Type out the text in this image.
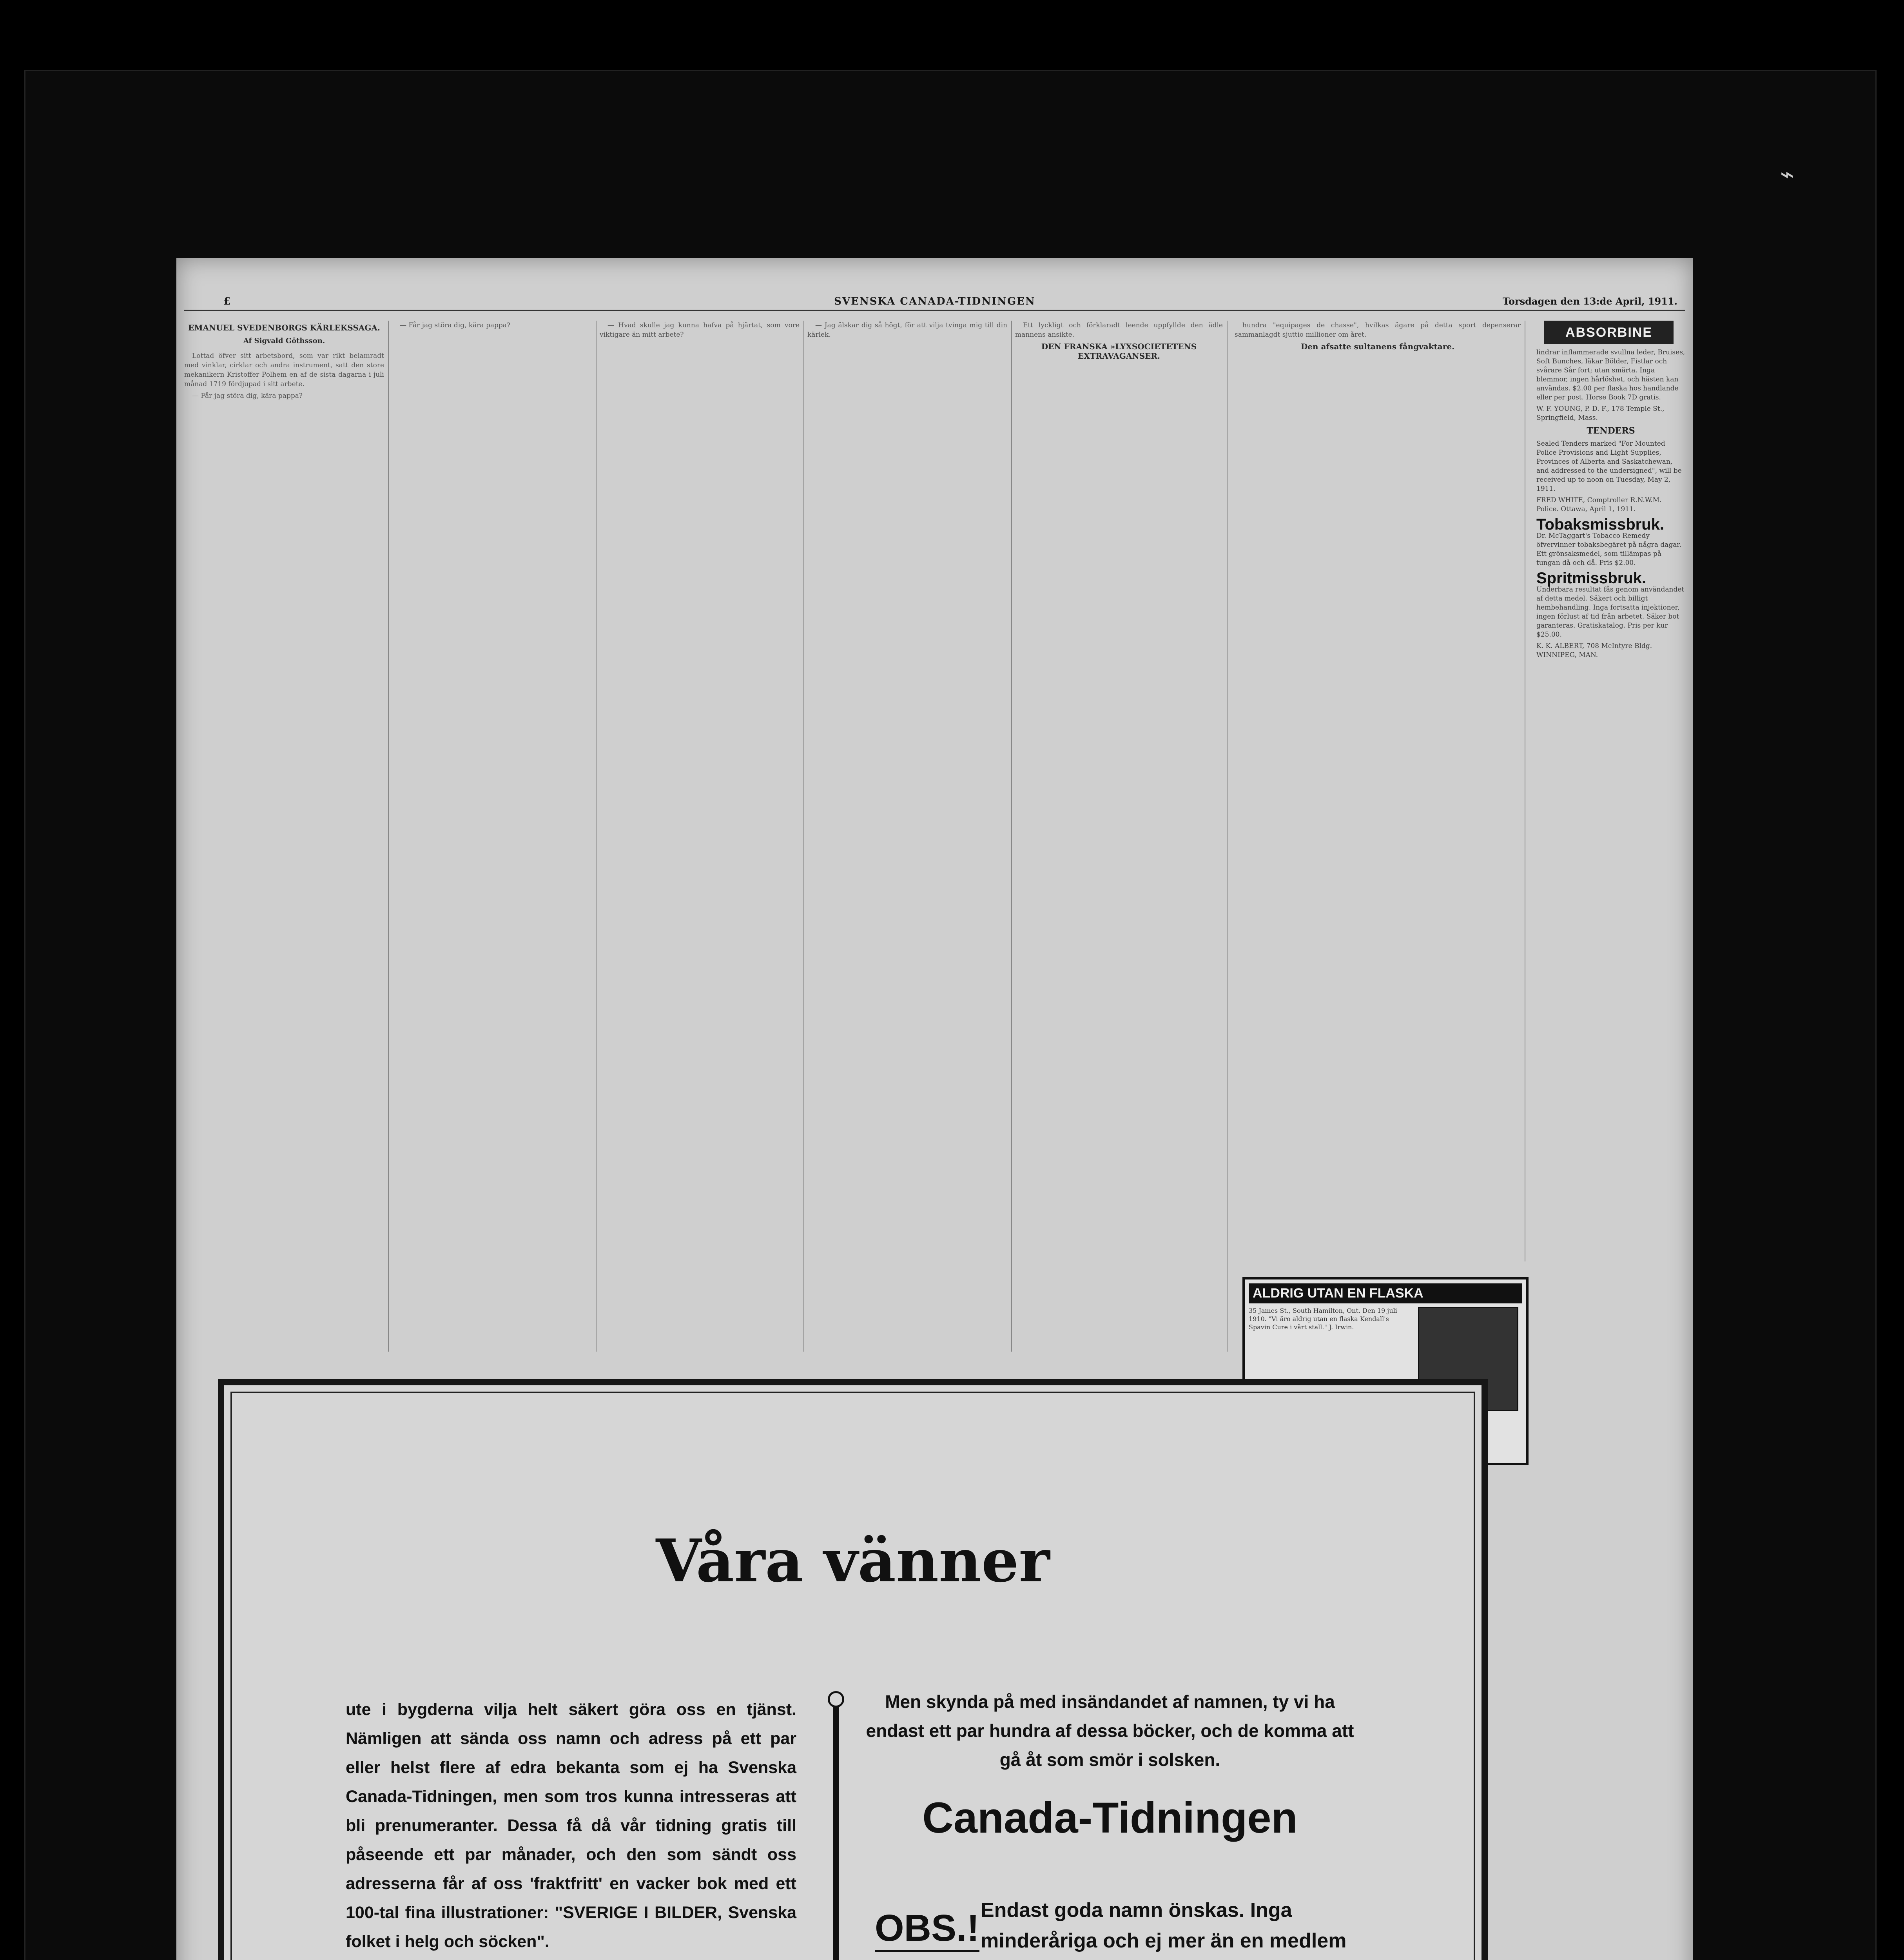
⌁
£	SVENSKA CANADA-TIDNINGEN	Torsdagen den 13:de April, 1911.
EMANUEL SVEDENBORGS KÄRLEKSSAGA.
Af Sigvald Göthsson.

Lottad öfver sitt arbetsbord, som var rikt belamradt med vinklar, cirklar och andra instrument, satt den store mekanikern Kristoffer Polhem en af de sista dagarna i juli månad 1719 fördjupad i sitt arbete.

— Får jag störa dig, kära pappa?

— Får jag störa dig, kära pappa?	— Hvad skulle jag kunna hafva på hjärtat, som vore viktigare än mitt arbete?

— Jag älskar dig så högt, för att vilja tvinga mig till din kärlek.

Ett lyckligt och förklaradt leende uppfyllde den ädle mannens ansikte.

DEN FRANSKA »LYXSOCIETETENS EXTRAVAGANSER.

hundra "equipages de chasse", hvilkas ägare på detta sport depenserar sammanlagdt sjuttio millioner om året.

Den afsatte sultanens fångvaktare.
ABSORBINE

lindrar inflammerade svullna leder, Bruises, Soft Bunches, läkar Bölder, Fistlar och svårare Sår fort; utan smärta. Inga blemmor, ingen hårlöshet, och hästen kan användas. $2.00 per flaska hos handlande eller per post. Horse Book 7D gratis.

W. F. YOUNG, P. D. F., 178 Temple St., Springfield, Mass.

TENDERS

Sealed Tenders marked "For Mounted Police Provisions and Light Supplies, Provinces of Alberta and Saskatchewan, and addressed to the undersigned", will be received up to noon on Tuesday, May 2, 1911.

FRED WHITE, Comptroller R.N.W.M. Police. Ottawa, April 1, 1911.

Tobaksmissbruk.

Dr. McTaggart's Tobacco Remedy öfvervinner tobaksbegäret på några dagar. Ett grönsaksmedel, som tillämpas på tungan då och då. Pris $2.00.

Spritmissbruk.

Underbara resultat fås genom användandet af detta medel. Säkert och billigt hembehandling. Inga fortsatta injektioner, ingen förlust af tid från arbetet. Säker bot garanteras. Gratiskatalog. Pris per kur $25.00.

K. K. ALBERT, 708 McIntyre Bldg. WINNIPEG, MAN.

ALDRIG UTAN EN FLASKA
35 James St., South Hamilton, Ont. Den 19 juli 1910. "Vi äro aldrig utan en flaska Kendall's Spavin Cure i vårt stall." J. Irwin.
Våra vänner
ute i bygderna vilja helt säkert göra oss en tjänst. Nämligen att sända oss namn och adress på ett par eller helst flere af edra bekanta som ej ha Svenska Canada-Tidningen, men som tros kunna intresseras att bli prenumeranter. Dessa få då vår tidning gratis till påseende ett par månader, och den som sändt oss adresserna får af oss 'fraktfritt' en vacker bok med ett 100-tal fina illustrationer: "SVERIGE I BILDER, Svenska folket i helg och söcken".
Men skynda på med insändandet af namnen, ty vi ha endast ett par hundra af dessa böcker, och de komma att gå åt som smör i solsken.
Canada-Tidningen
OBS.! Endast goda namn önskas. Inga minderåriga och ej mer än en medlem
